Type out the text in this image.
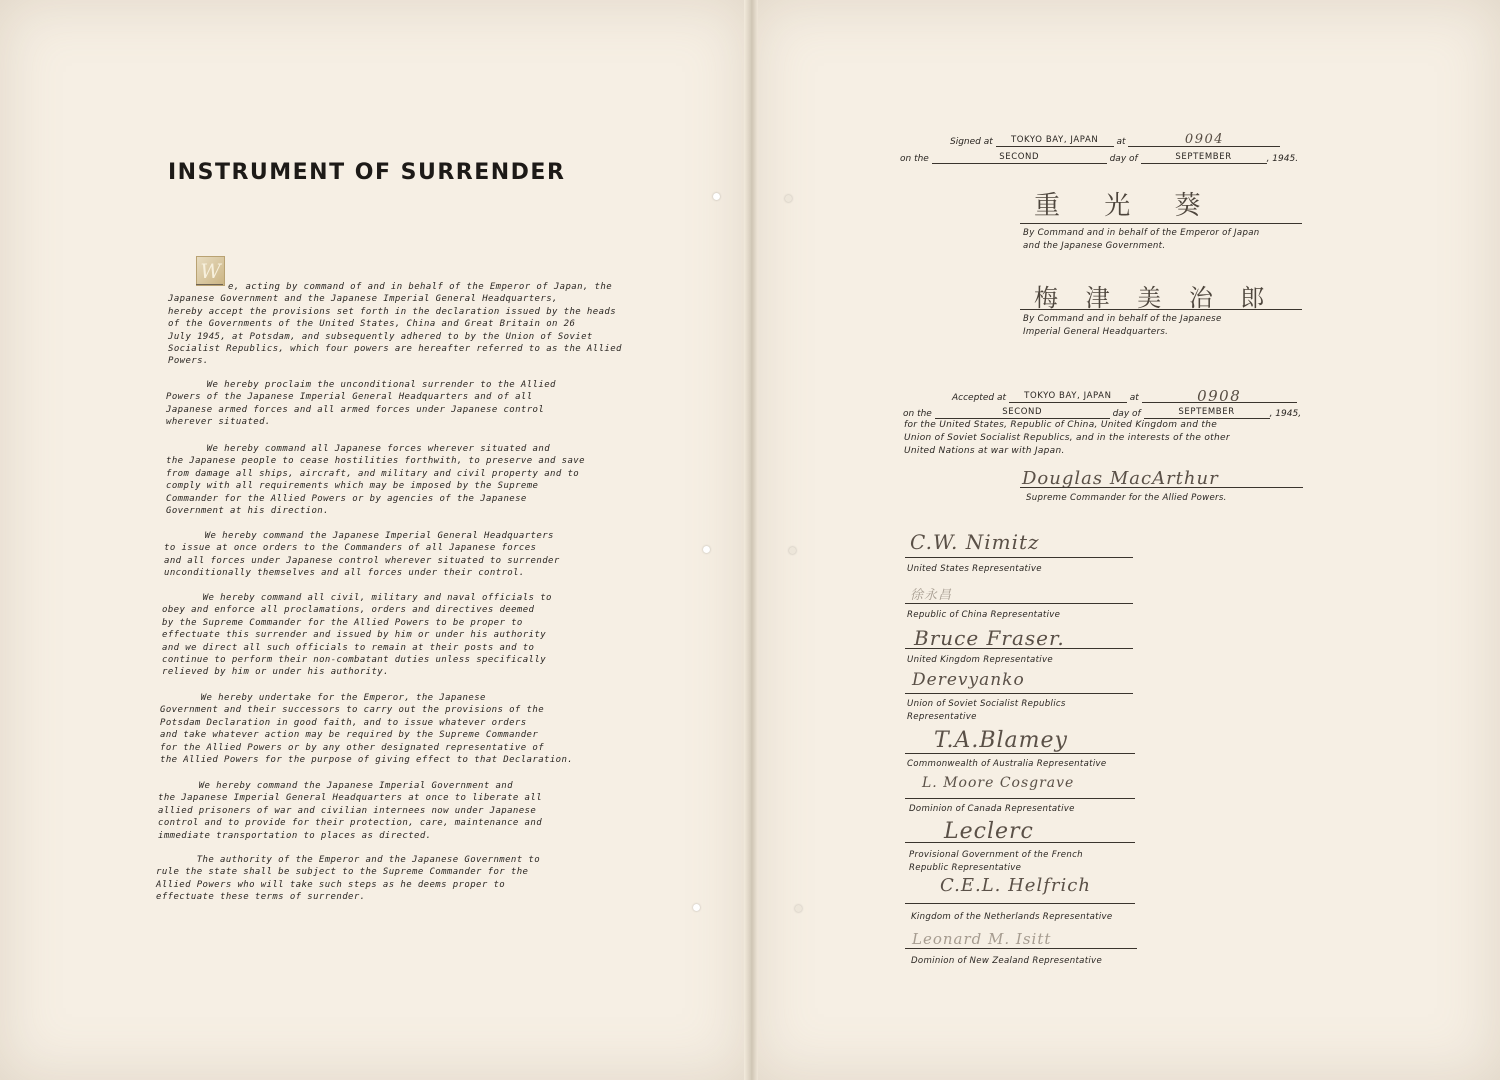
INSTRUMENT OF SURRENDER
W
e, acting by command of and in behalf of the Emperor of Japan, the
Japanese Government and the Japanese Imperial General Headquarters,
hereby accept the provisions set forth in the declaration issued by the heads
of the Governments of the United States, China and Great Britain on 26
July 1945, at Potsdam, and subsequently adhered to by the Union of Soviet
Socialist Republics, which four powers are hereafter referred to as the Allied
Powers.
We hereby proclaim the unconditional surrender to the Allied
Powers of the Japanese Imperial General Headquarters and of all
Japanese armed forces and all armed forces under Japanese control
wherever situated.
We hereby command all Japanese forces wherever situated and
the Japanese people to cease hostilities forthwith, to preserve and save
from damage all ships, aircraft, and military and civil property and to
comply with all requirements which may be imposed by the Supreme
Commander for the Allied Powers or by agencies of the Japanese
Government at his direction.
We hereby command the Japanese Imperial General Headquarters
to issue at once orders to the Commanders of all Japanese forces
and all forces under Japanese control wherever situated to surrender
unconditionally themselves and all forces under their control.
We hereby command all civil, military and naval officials to
obey and enforce all proclamations, orders and directives deemed
by the Supreme Commander for the Allied Powers to be proper to
effectuate this surrender and issued by him or under his authority
and we direct all such officials to remain at their posts and to
continue to perform their non-combatant duties unless specifically
relieved by him or under his authority.
We hereby undertake for the Emperor, the Japanese
Government and their successors to carry out the provisions of the
Potsdam Declaration in good faith, and to issue whatever orders
and take whatever action may be required by the Supreme Commander
for the Allied Powers or by any other designated representative of
the Allied Powers for the purpose of giving effect to that Declaration.
We hereby command the Japanese Imperial Government and
the Japanese Imperial General Headquarters at once to liberate all
allied prisoners of war and civilian internees now under Japanese
control and to provide for their protection, care, maintenance and
immediate transportation to places as directed.
The authority of the Emperor and the Japanese Government to
rule the state shall be subject to the Supreme Commander for the
Allied Powers who will take such steps as he deems proper to
effectuate these terms of surrender.
Signed at TOKYO BAY, JAPAN at	0904
on the	SECOND	day of	SEPTEMBER	, 1945.
重 光 葵
By Command and in behalf of the Emperor of Japan
and the Japanese Government.
梅 津 美 治 郎
By Command and in behalf of the Japanese
Imperial General Headquarters.
Accepted at TOKYO BAY, JAPAN at	0908
on the	SECOND	day of	SEPTEMBER	, 1945,
for the United States, Republic of China, United Kingdom and the
Union of Soviet Socialist Republics, and in the interests of the other
United Nations at war with Japan.
Douglas MacArthur
Supreme Commander for the Allied Powers.
C.W. Nimitz
United States Representative
徐永昌
Republic of China Representative
Bruce Fraser.
United Kingdom Representative
Derevyanko
Union of Soviet Socialist Republics
Representative
T.A.Blamey
Commonwealth of Australia Representative
L. Moore Cosgrave
Dominion of Canada Representative
Leclerc
Provisional Government of the French
Republic Representative
C.E.L. Helfrich
Kingdom of the Netherlands Representative
Leonard M. Isitt
Dominion of New Zealand Representative
